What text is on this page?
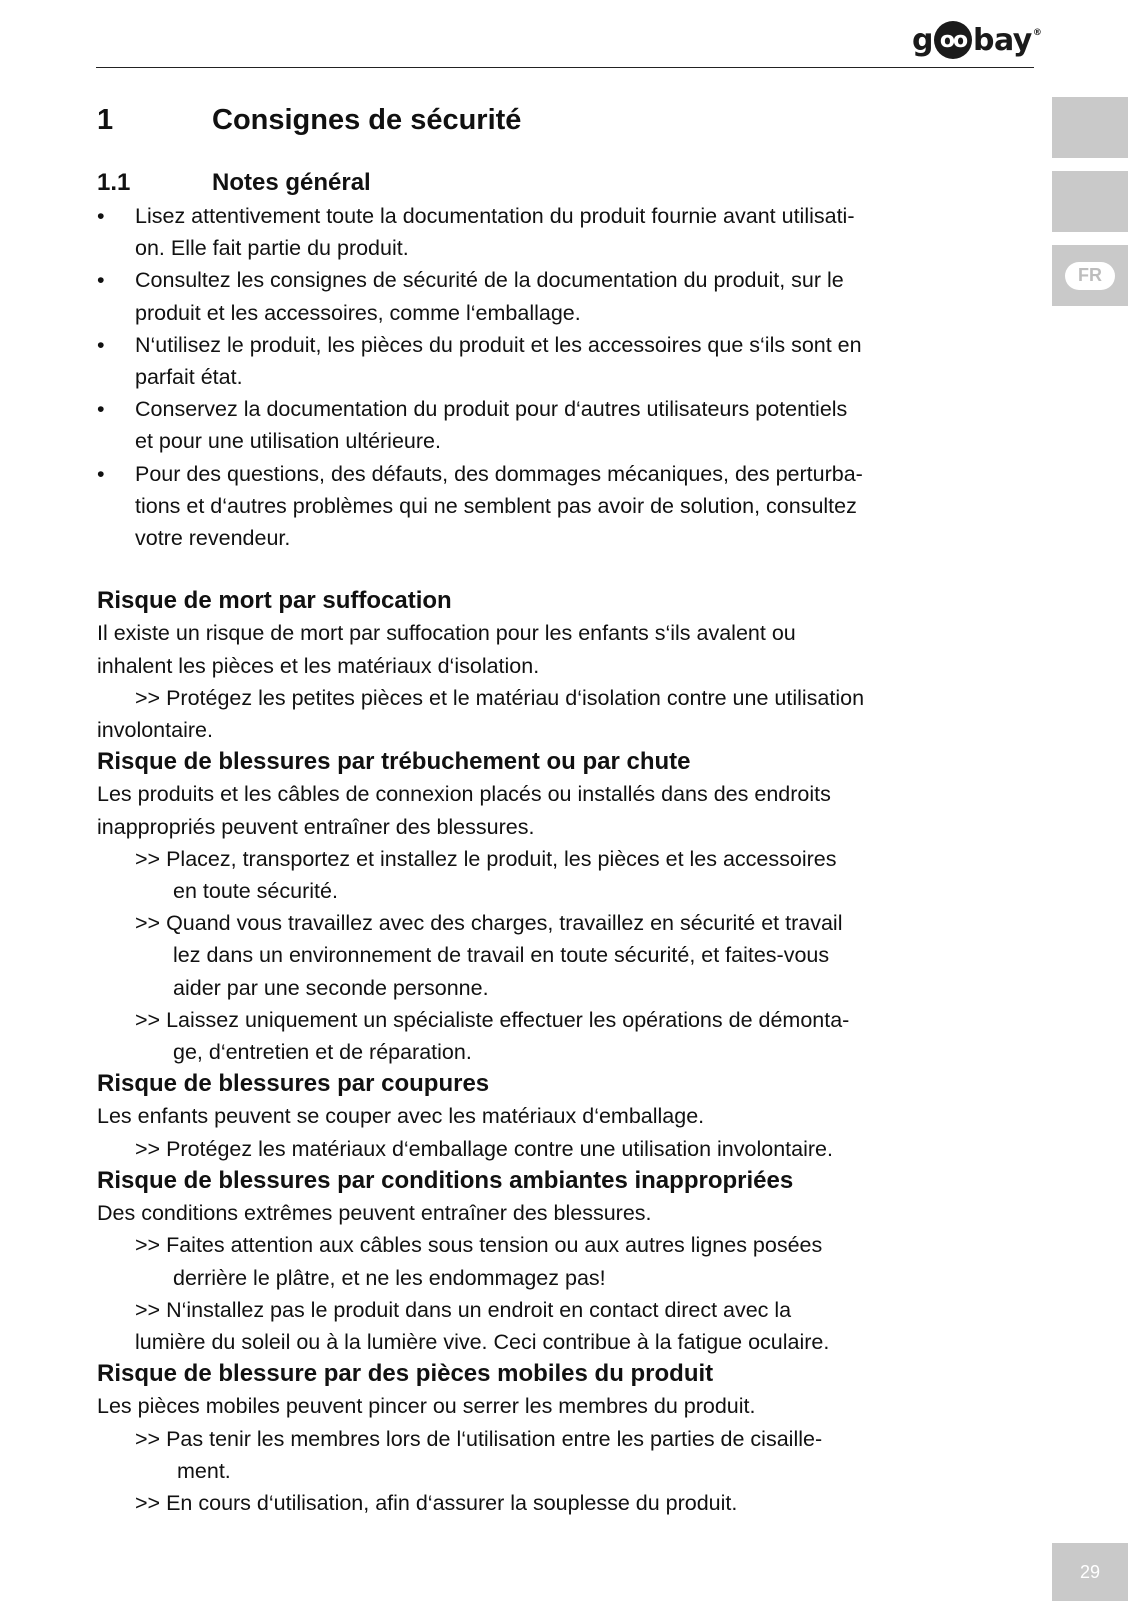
g oo bay ®
FR
29
1	Consignes de sécurité
1.1	Notes général
• Lisez attentivement toute la documentation du produit fournie avant utilisati-
on. Elle fait partie du produit.
• Consultez les consignes de sécurité de la documentation du produit, sur le
produit et les accessoires, comme l‘emballage.
• N‘utilisez le produit, les pièces du produit et les accessoires que s‘ils sont en
parfait état.
• Conservez la documentation du produit pour d‘autres utilisateurs potentiels
et pour une utilisation ultérieure.
• Pour des questions, des défauts, des dommages mécaniques, des perturba-
tions et d‘autres problèmes qui ne semblent pas avoir de solution, consultez
votre revendeur.
Risque de mort par suffocation
Il existe un risque de mort par suffocation pour les enfants s‘ils avalent ou
inhalent les pièces et les matériaux d‘isolation.
>> Protégez les petites pièces et le matériau d‘isolation contre une utilisation
involontaire.
Risque de blessures par trébuchement ou par chute
Les produits et les câbles de connexion placés ou installés dans des endroits
inappropriés peuvent entraîner des blessures.
>> Placez, transportez et installez le produit, les pièces et les accessoires
en toute sécurité.
>> Quand vous travaillez avec des charges, travaillez en sécurité et travail
lez dans un environnement de travail en toute sécurité, et faites-vous
aider par une seconde personne.
>> Laissez uniquement un spécialiste effectuer les opérations de démonta-
ge, d‘entretien et de réparation.
Risque de blessures par coupures
Les enfants peuvent se couper avec les matériaux d‘emballage.
>> Protégez les matériaux d‘emballage contre une utilisation involontaire.
Risque de blessures par conditions ambiantes inappropriées
Des conditions extrêmes peuvent entraîner des blessures.
>> Faites attention aux câbles sous tension ou aux autres lignes posées
derrière le plâtre, et ne les endommagez pas!
>> N‘installez pas le produit dans un endroit en contact direct avec la
lumière du soleil ou à la lumière vive. Ceci contribue à la fatigue oculaire.
Risque de blessure par des pièces mobiles du produit
Les pièces mobiles peuvent pincer ou serrer les membres du produit.
>> Pas tenir les membres lors de l‘utilisation entre les parties de cisaille-
ment.
>> En cours d‘utilisation, afin d‘assurer la souplesse du produit.
